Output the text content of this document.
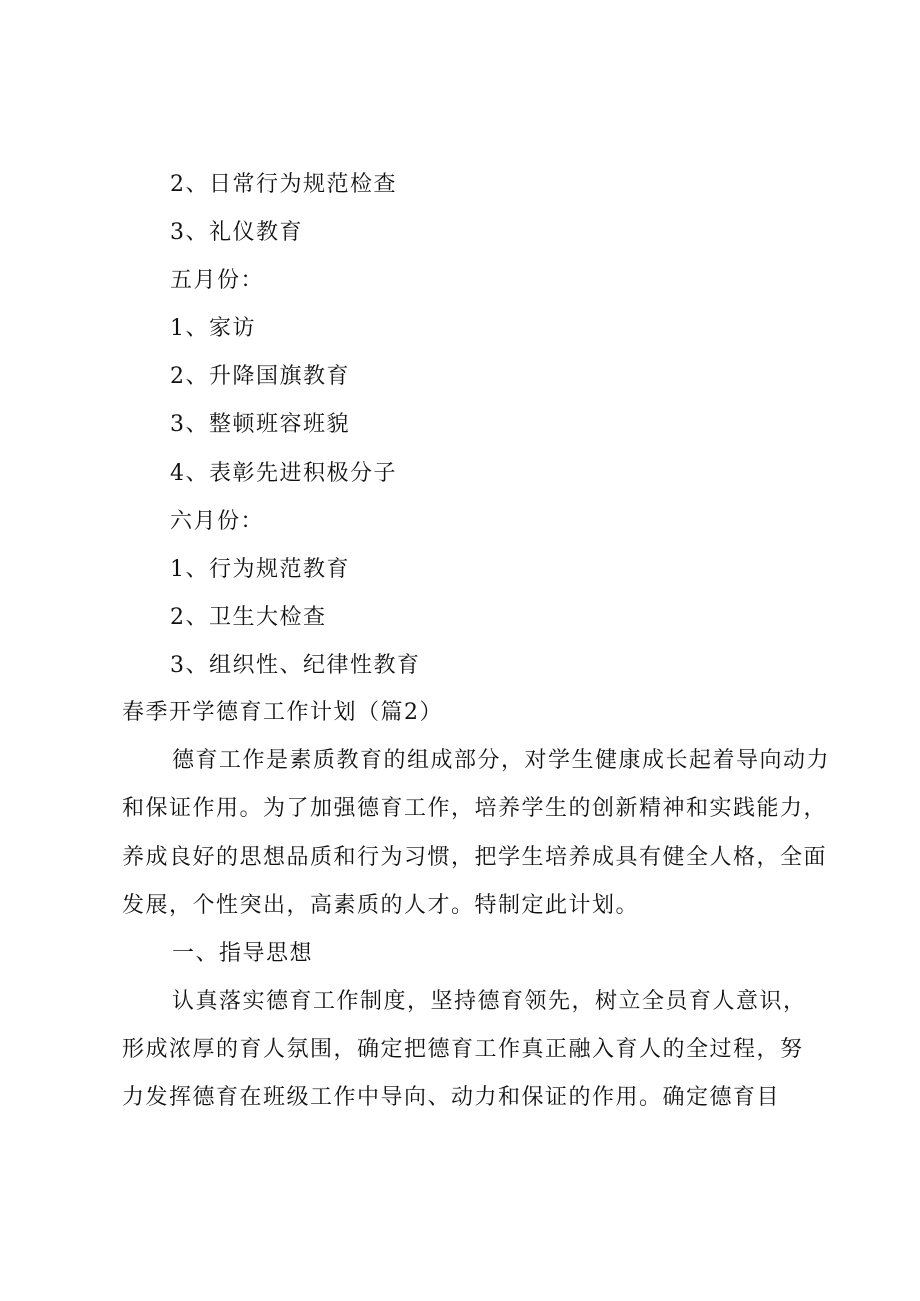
2、日常行为规范检查
3、礼仪教育
五月份：
1、家访
2、升降国旗教育
3、整顿班容班貌
4、表彰先进积极分子
六月份：
1、行为规范教育
2、卫生大检查
3、组织性、纪律性教育
春季开学德育工作计划（篇2）
德育工作是素质教育的组成部分，对学生健康成长起着导向动力
和保证作用。为了加强德育工作，培养学生的创新精神和实践能力，
养成良好的思想品质和行为习惯，把学生培养成具有健全人格，全面
发展，个性突出，高素质的人才。特制定此计划。
一、指导思想
认真落实德育工作制度，坚持德育领先，树立全员育人意识，
形成浓厚的育人氛围，确定把德育工作真正融入育人的全过程，努
力发挥德育在班级工作中导向、动力和保证的作用。确定德育目
